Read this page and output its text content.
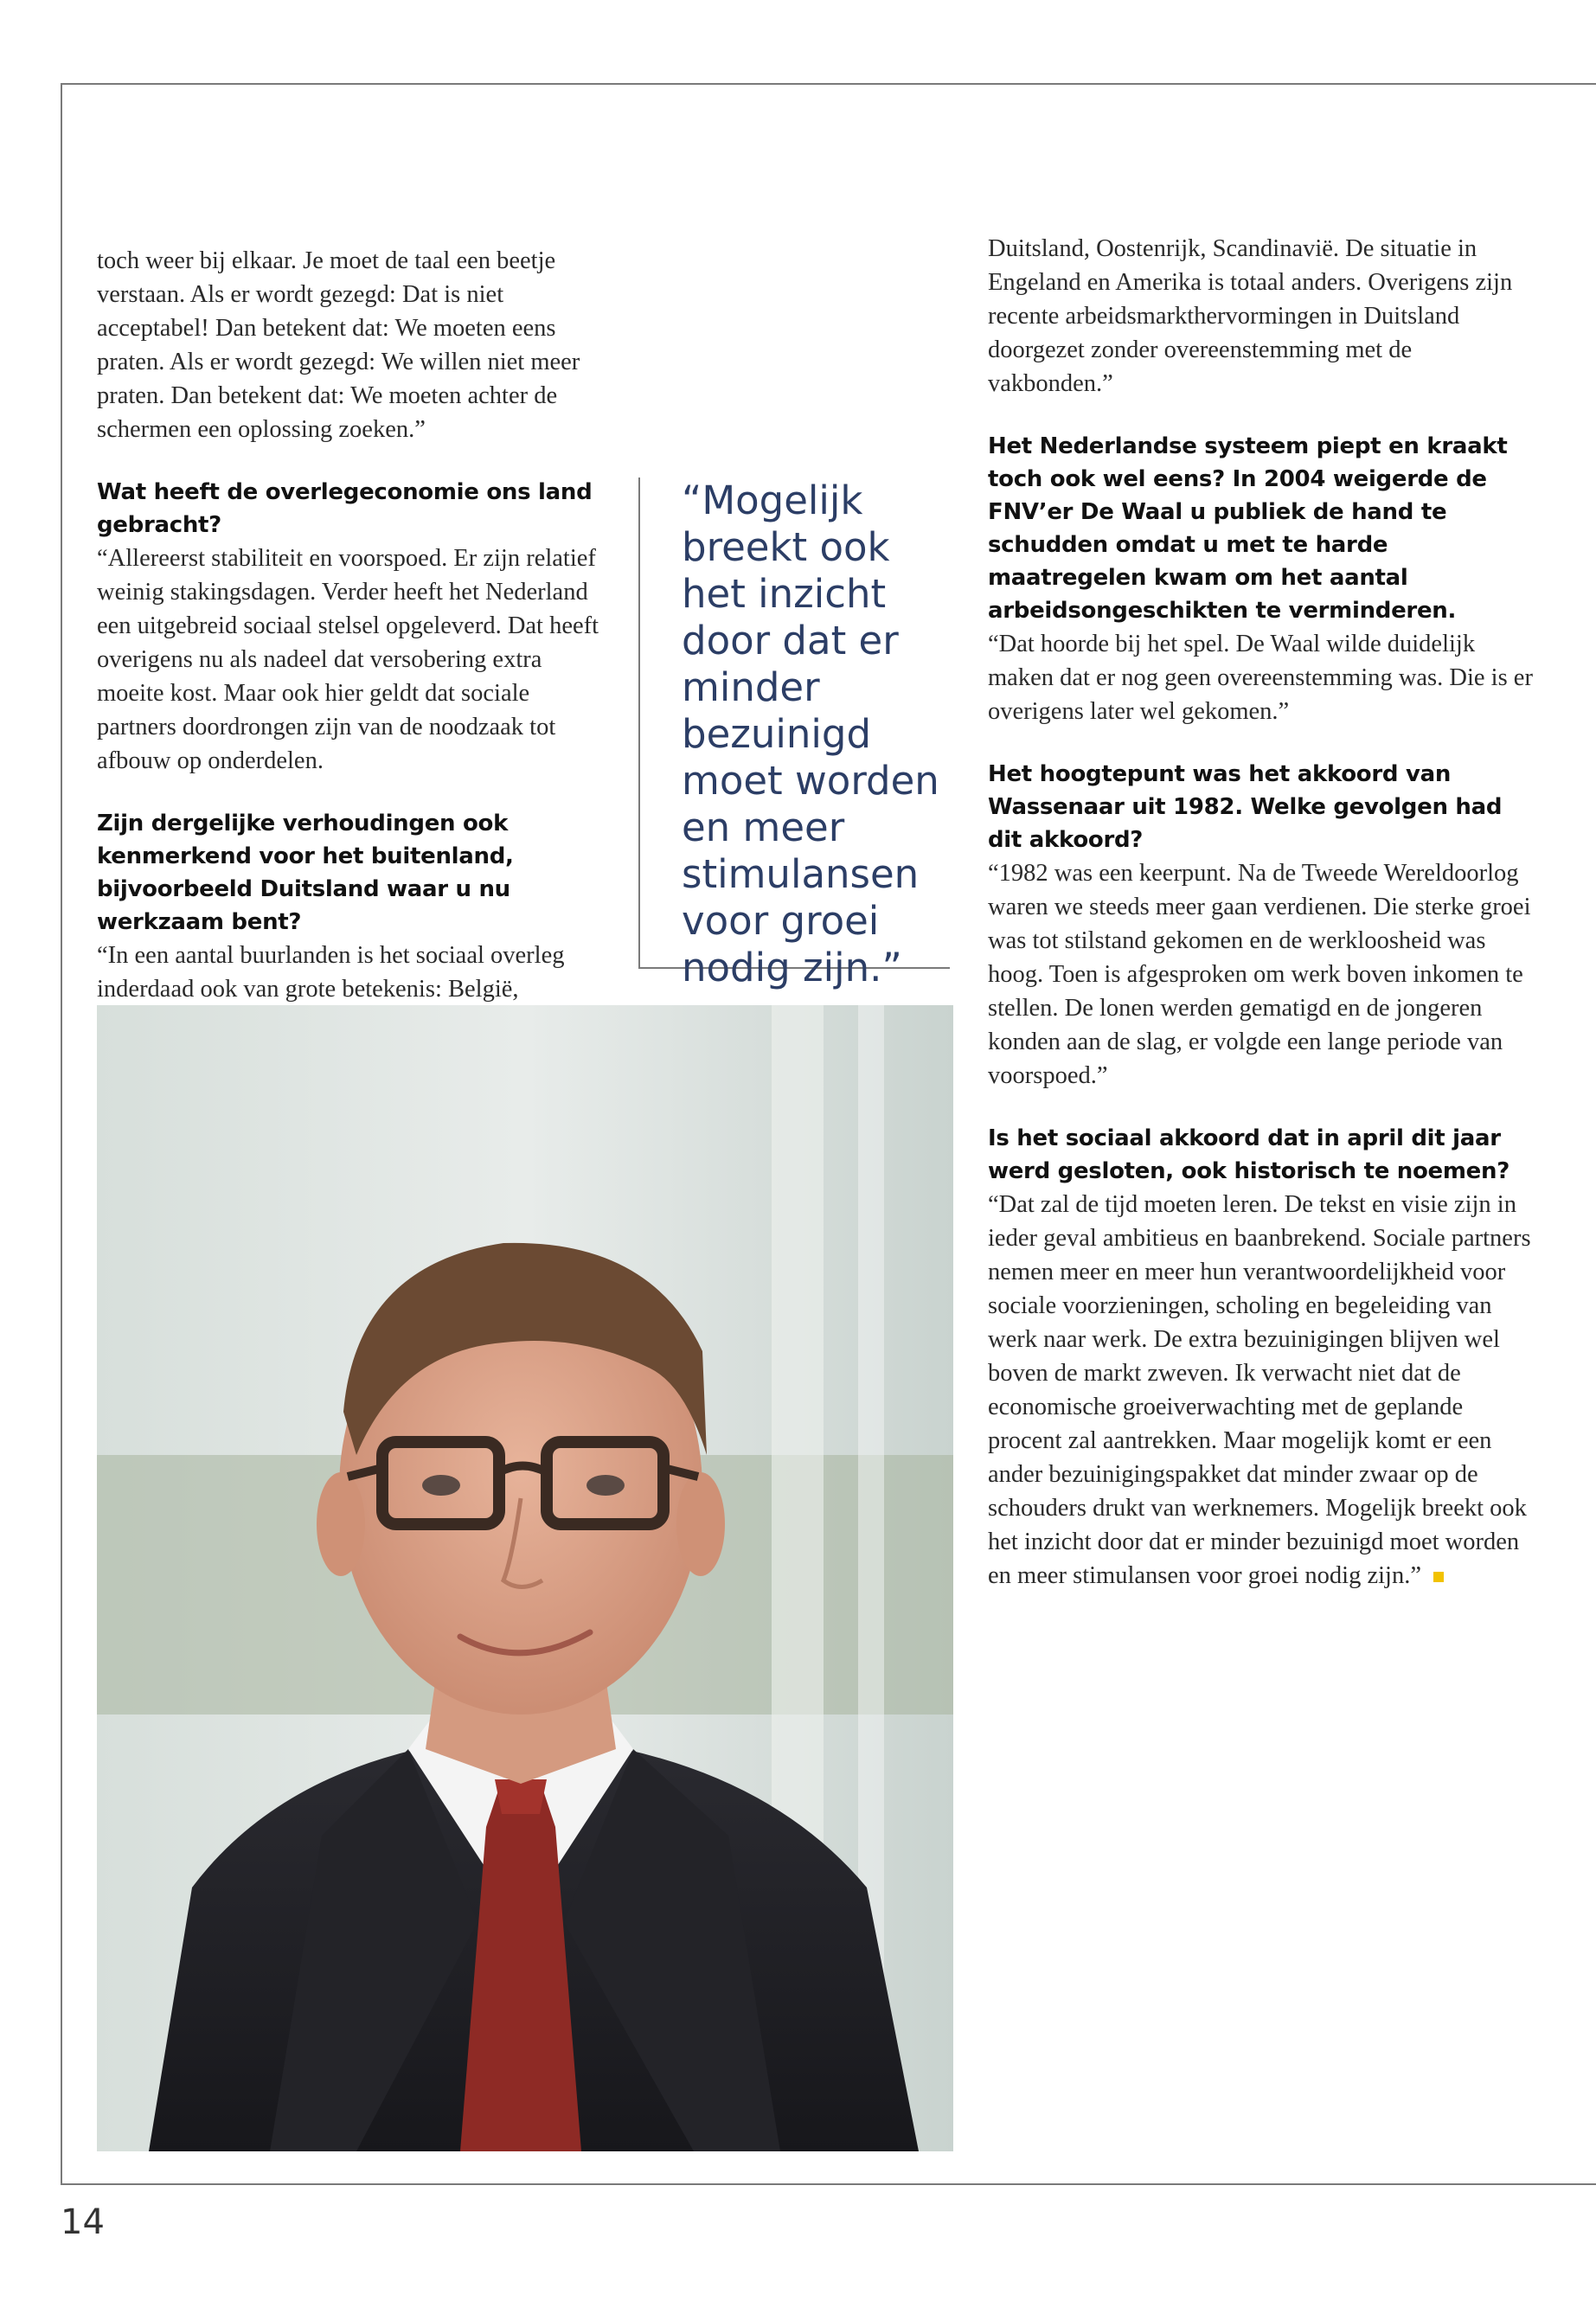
toch weer bij elkaar. Je moet de taal een beetje verstaan. Als er wordt gezegd: Dat is niet acceptabel! Dan betekent dat: We moeten eens praten. Als er wordt gezegd: We willen niet meer praten. Dan betekent dat: We moeten achter de schermen een oplossing zoeken.”

Wat heeft de overlegeconomie ons land gebracht?

“Allereerst stabiliteit en voorspoed. Er zijn relatief weinig stakingsdagen. Verder heeft het Nederland een uitgebreid sociaal stelsel opgeleverd. Dat heeft overigens nu als nadeel dat versobering extra moeite kost. Maar ook hier geldt dat sociale partners doordrongen zijn van de noodzaak tot afbouw op onderdelen.

Zijn dergelijke verhoudingen ook kenmerkend voor het buitenland, bijvoorbeeld Duitsland waar u nu werkzaam bent?

“In een aantal buurlanden is het sociaal overleg inderdaad ook van grote betekenis: België,

“Mogelijk breekt ook het inzicht door dat er minder bezuinigd moet worden en meer stimulansen voor groei nodig zijn.”

Duitsland, Oostenrijk, Scandinavië. De situatie in Engeland en Amerika is totaal anders. Overigens zijn recente arbeidsmarkthervormingen in Duitsland doorgezet zonder overeenstemming met de vakbonden.”

Het Nederlandse systeem piept en kraakt toch ook wel eens? In 2004 weigerde de FNV’er De Waal u publiek de hand te schudden omdat u met te harde maatregelen kwam om het aantal arbeidsongeschikten te verminderen.

“Dat hoorde bij het spel. De Waal wilde duidelijk maken dat er nog geen overeenstemming was. Die is er overigens later wel gekomen.”

Het hoogtepunt was het akkoord van Wassenaar uit 1982. Welke gevolgen had dit akkoord?

“1982 was een keerpunt. Na de Tweede Wereldoorlog waren we steeds meer gaan verdienen. Die sterke groei was tot stilstand gekomen en de werkloosheid was hoog. Toen is afgesproken om werk boven inkomen te stellen. De lonen werden gematigd en de jongeren konden aan de slag, er volgde een lange periode van voorspoed.”

Is het sociaal akkoord dat in april dit jaar werd gesloten, ook historisch te noemen?

“Dat zal de tijd moeten leren. De tekst en visie zijn in ieder geval ambitieus en baanbrekend. Sociale partners nemen meer en meer hun verantwoordelijkheid voor sociale voorzieningen, scholing en begeleiding van werk naar werk. De extra bezuinigingen blijven wel boven de markt zweven. Ik verwacht niet dat de economische groeiverwachting met de geplande procent zal aantrekken. Maar mogelijk komt er een ander bezuinigingspakket dat minder zwaar op de schouders drukt van werknemers. Mogelijk breekt ook het inzicht door dat er minder bezuinigd moet worden en meer stimulansen voor groei nodig zijn.”

14
